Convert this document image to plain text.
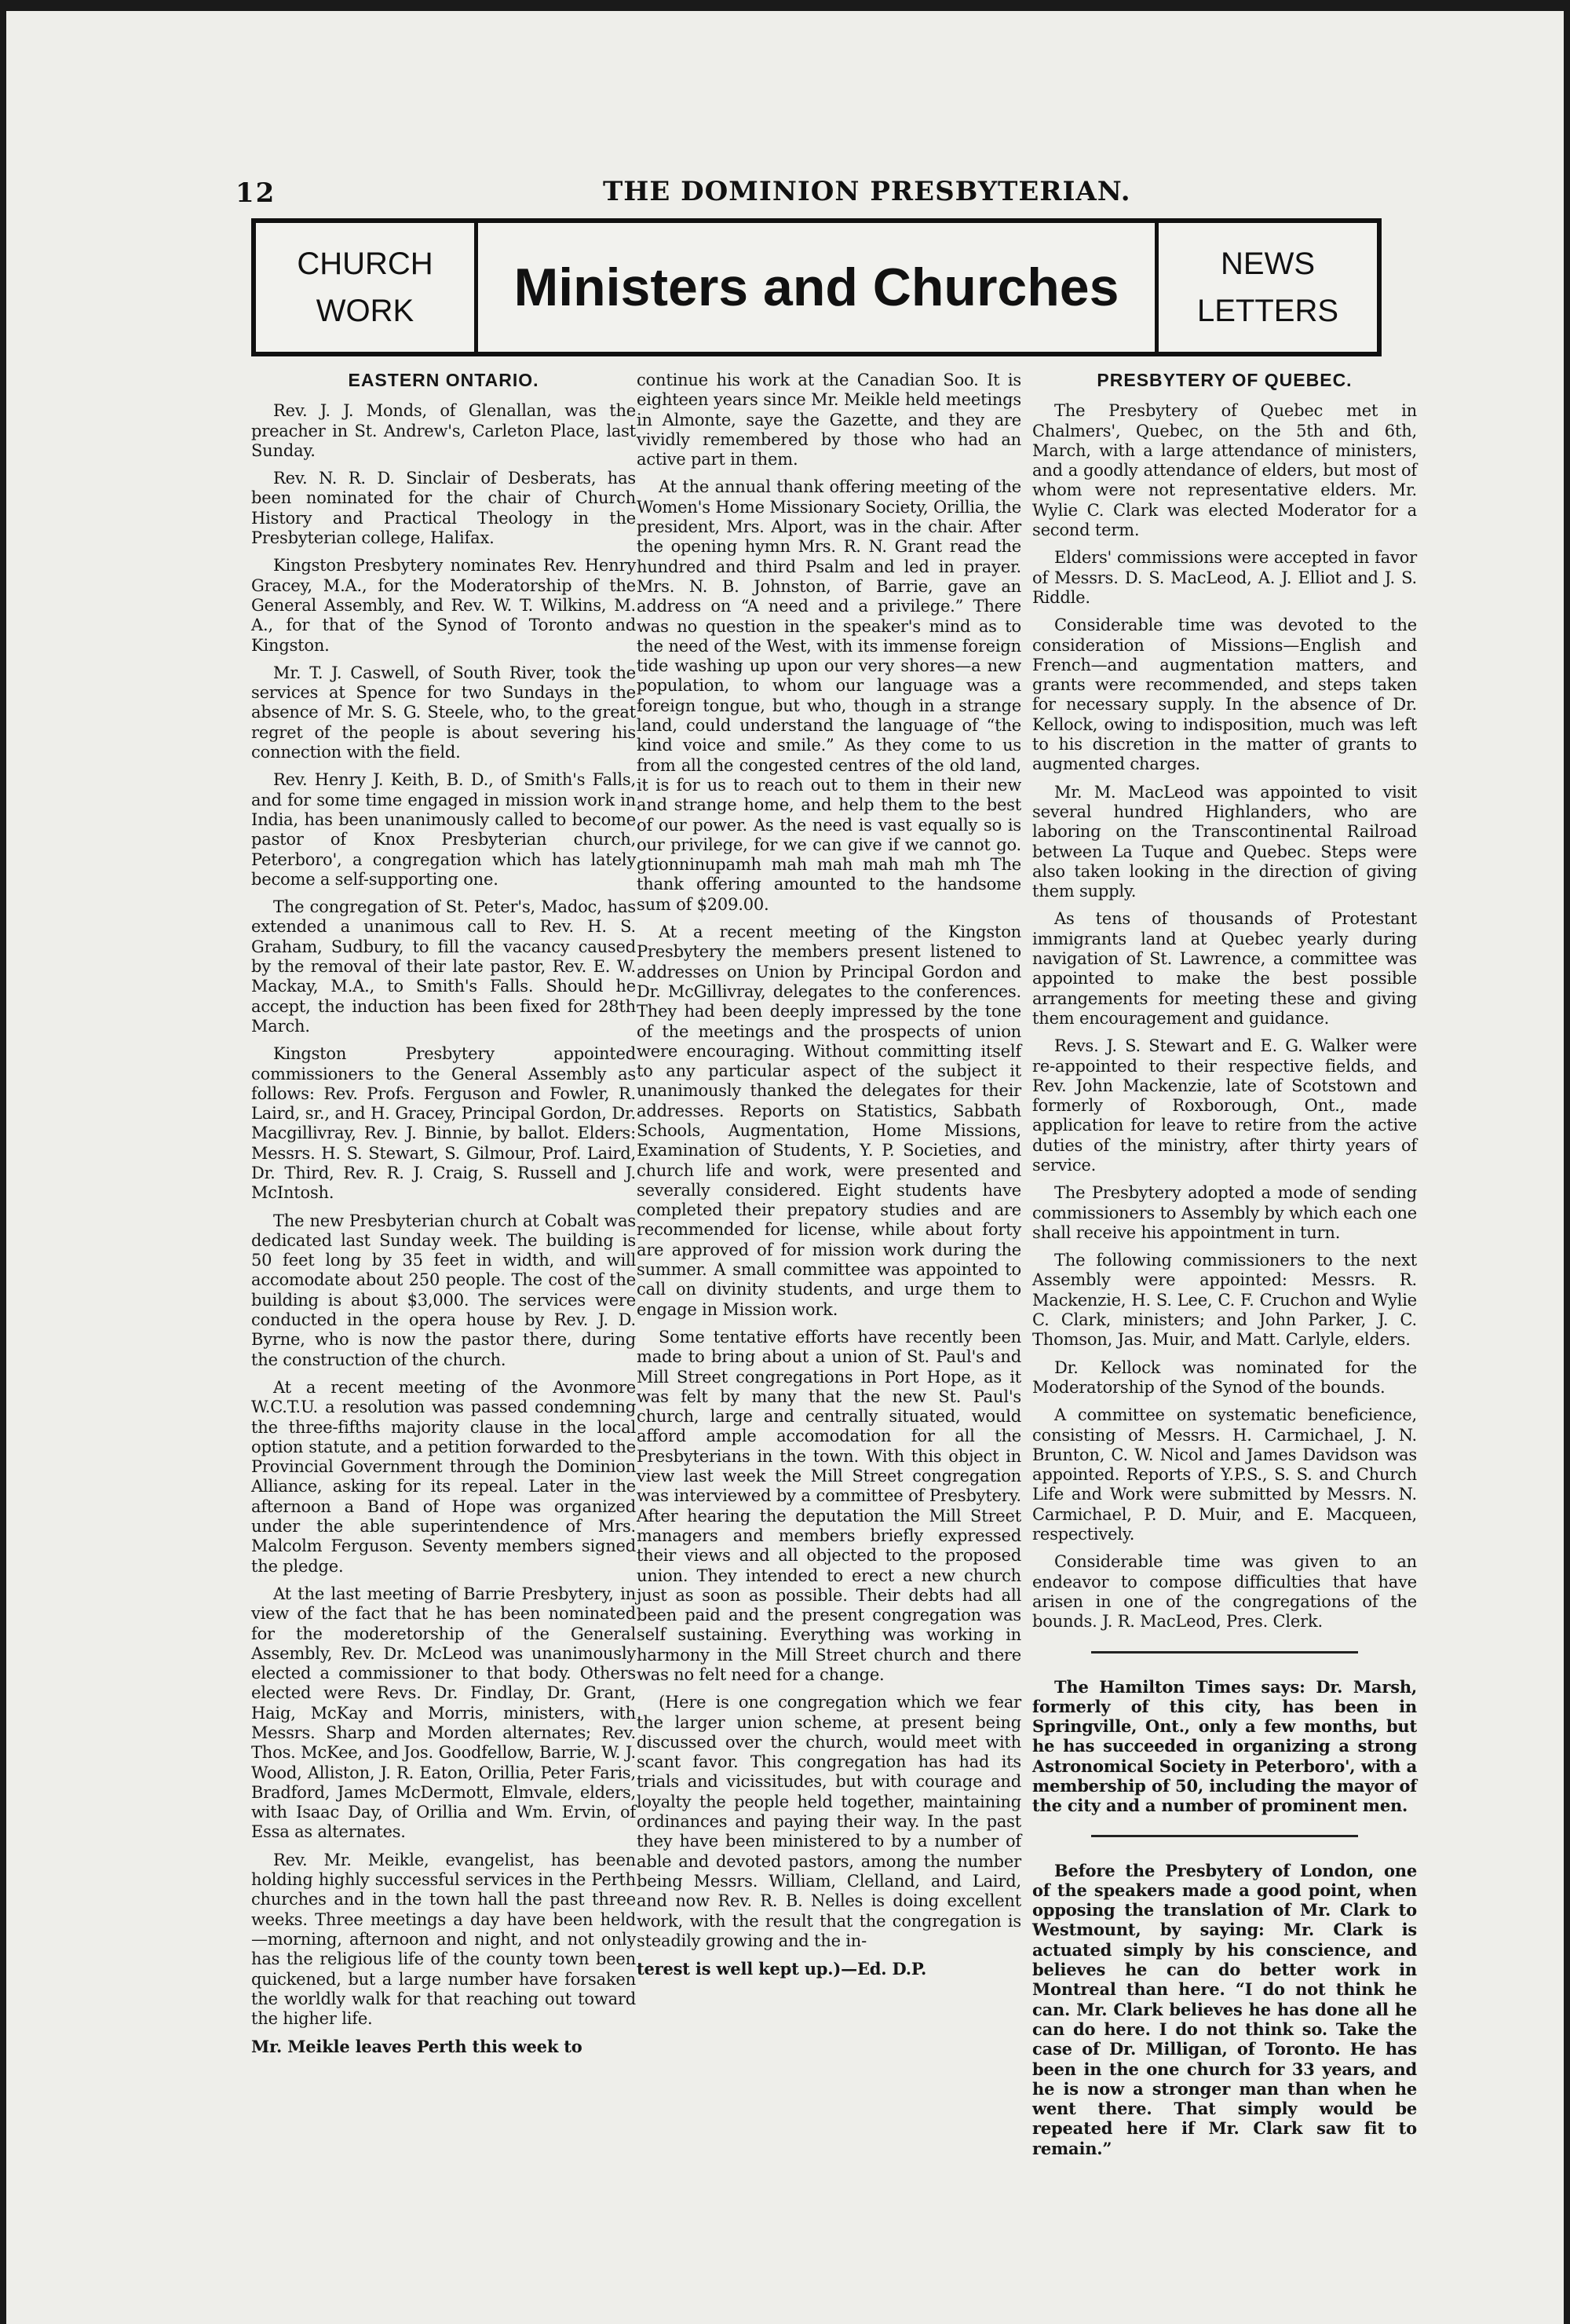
12	THE DOMINION PRESBYTERIAN.
CHURCH
WORK Ministers and Churches	NEWS
LETTERS
EASTERN ONTARIO.

Rev. J. J. Monds, of Glenallan, was the preacher in St. Andrew's, Carleton Place, last Sunday.

Rev. N. R. D. Sinclair of Desberats, has been nominated for the chair of Church History and Practical Theology in the Presbyterian college, Halifax.

Kingston Presbytery nominates Rev. Henry Gracey, M.A., for the Moderatorship of the General Assembly, and Rev. W. T. Wilkins, M. A., for that of the Synod of Toronto and Kingston.

Mr. T. J. Caswell, of South River, took the services at Spence for two Sundays in the absence of Mr. S. G. Steele, who, to the great regret of the people is about severing his connection with the field.

Rev. Henry J. Keith, B. D., of Smith's Falls, and for some time engaged in mission work in India, has been unanimously called to become pastor of Knox Presbyterian church, Peterboro', a congregation which has lately become a self-supporting one.

The congregation of St. Peter's, Madoc, has extended a unanimous call to Rev. H. S. Graham, Sudbury, to fill the vacancy caused by the removal of their late pastor, Rev. E. W. Mackay, M.A., to Smith's Falls. Should he accept, the induction has been fixed for 28th March.

Kingston Presbytery appointed commissioners to the General Assembly as follows: Rev. Profs. Ferguson and Fowler, R. Laird, sr., and H. Gracey, Principal Gordon, Dr. Macgillivray, Rev. J. Binnie, by ballot. Elders: Messrs. H. S. Stewart, S. Gilmour, Prof. Laird, Dr. Third, Rev. R. J. Craig, S. Russell and J. McIntosh.

The new Presbyterian church at Cobalt was dedicated last Sunday week. The building is 50 feet long by 35 feet in width, and will accomodate about 250 people. The cost of the building is about $3,000. The services were conducted in the opera house by Rev. J. D. Byrne, who is now the pastor there, during the construction of the church.

At a recent meeting of the Avonmore W.C.T.U. a resolution was passed condemning the three-fifths majority clause in the local option statute, and a petition forwarded to the Provincial Government through the Dominion Alliance, asking for its repeal. Later in the afternoon a Band of Hope was organized under the able superintendence of Mrs. Malcolm Ferguson. Seventy members signed the pledge.

At the last meeting of Barrie Presbytery, in view of the fact that he has been nominated for the moderetorship of the General Assembly, Rev. Dr. McLeod was unanimously elected a commissioner to that body. Others elected were Revs. Dr. Findlay, Dr. Grant, Haig, McKay and Morris, ministers, with Messrs. Sharp and Morden alternates; Rev. Thos. McKee, and Jos. Goodfellow, Barrie, W. J. Wood, Alliston, J. R. Eaton, Orillia, Peter Faris, Bradford, James McDermott, Elmvale, elders, with Isaac Day, of Orillia and Wm. Ervin, of Essa as alternates.

Rev. Mr. Meikle, evangelist, has been holding highly successful services in the Perth churches and in the town hall the past three weeks. Three meetings a day have been held—morning, afternoon and night, and not only has the religious life of the county town been quickened, but a large number have forsaken the worldly walk for that reaching out toward the higher life.

Mr. Meikle leaves Perth this week to

continue his work at the Canadian Soo. It is eighteen years since Mr. Meikle held meetings in Almonte, saye the Gazette, and they are vividly remembered by those who had an active part in them.

At the annual thank offering meeting of the Women's Home Missionary Society, Orillia, the president, Mrs. Alport, was in the chair. After the opening hymn Mrs. R. N. Grant read the hundred and third Psalm and led in prayer. Mrs. N. B. Johnston, of Barrie, gave an address on “A need and a privilege.” There was no question in the speaker's mind as to the need of the West, with its immense foreign tide washing up upon our very shores—a new population, to whom our language was a foreign tongue, but who, though in a strange land, could understand the language of “the kind voice and smile.” As they come to us from all the congested centres of the old land, it is for us to reach out to them in their new and strange home, and help them to the best of our power. As the need is vast equally so is our privilege, for we can give if we cannot go. gtionninupamh mah mah mah mah mh The thank offering amounted to the handsome sum of $209.00.

At a recent meeting of the Kingston Presbytery the members present listened to addresses on Union by Principal Gordon and Dr. McGillivray, delegates to the conferences. They had been deeply impressed by the tone of the meetings and the prospects of union were encouraging. Without committing itself to any particular aspect of the subject it unanimously thanked the delegates for their addresses. Reports on Statistics, Sabbath Schools, Augmentation, Home Missions, Examination of Students, Y. P. Societies, and church life and work, were presented and severally considered. Eight students have completed their prepatory studies and are recommended for license, while about forty are approved of for mission work during the summer. A small committee was appointed to call on divinity students, and urge them to engage in Mission work.

Some tentative efforts have recently been made to bring about a union of St. Paul's and Mill Street congregations in Port Hope, as it was felt by many that the new St. Paul's church, large and centrally situated, would afford ample accomodation for all the Presbyterians in the town. With this object in view last week the Mill Street congregation was interviewed by a committee of Presbytery. After hearing the deputation the Mill Street managers and members briefly expressed their views and all objected to the proposed union. They intended to erect a new church just as soon as possible. Their debts had all been paid and the present congregation was self sustaining. Everything was working in harmony in the Mill Street church and there was no felt need for a change.

(Here is one congregation which we fear the larger union scheme, at present being discussed over the church, would meet with scant favor. This congregation has had its trials and vicissitudes, but with courage and loyalty the people held together, maintaining ordinances and paying their way. In the past they have been ministered to by a number of able and devoted pastors, among the number being Messrs. William, Clelland, and Laird, and now Rev. R. B. Nelles is doing excellent work, with the result that the congregation is steadily growing and the in-

terest is well kept up.)—Ed. D.P.

PRESBYTERY OF QUEBEC.

The Presbytery of Quebec met in Chalmers', Quebec, on the 5th and 6th, March, with a large attendance of ministers, and a goodly attendance of elders, but most of whom were not representative elders. Mr. Wylie C. Clark was elected Moderator for a second term.

Elders' commissions were accepted in favor of Messrs. D. S. MacLeod, A. J. Elliot and J. S. Riddle.

Considerable time was devoted to the consideration of Missions—English and French—and augmentation matters, and grants were recommended, and steps taken for necessary supply. In the absence of Dr. Kellock, owing to indisposition, much was left to his discretion in the matter of grants to augmented charges.

Mr. M. MacLeod was appointed to visit several hundred Highlanders, who are laboring on the Transcontinental Railroad between La Tuque and Quebec. Steps were also taken looking in the direction of giving them supply.

As tens of thousands of Protestant immigrants land at Quebec yearly during navigation of St. Lawrence, a committee was appointed to make the best possible arrangements for meeting these and giving them encouragement and guidance.

Revs. J. S. Stewart and E. G. Walker were re-appointed to their respective fields, and Rev. John Mackenzie, late of Scotstown and formerly of Roxborough, Ont., made application for leave to retire from the active duties of the ministry, after thirty years of service.

The Presbytery adopted a mode of sending commissioners to Assembly by which each one shall receive his appointment in turn.

The following commissioners to the next Assembly were appointed: Messrs. R. Mackenzie, H. S. Lee, C. F. Cruchon and Wylie C. Clark, ministers; and John Parker, J. C. Thomson, Jas. Muir, and Matt. Carlyle, elders.

Dr. Kellock was nominated for the Moderatorship of the Synod of the bounds.

A committee on systematic beneficience, consisting of Messrs. H. Carmichael, J. N. Brunton, C. W. Nicol and James Davidson was appointed. Reports of Y.P.S., S. S. and Church Life and Work were submitted by Messrs. N. Carmichael, P. D. Muir, and E. Macqueen, respectively.

Considerable time was given to an endeavor to compose difficulties that have arisen in one of the congregations of the bounds. J. R. MacLeod, Pres. Clerk.

The Hamilton Times says: Dr. Marsh, formerly of this city, has been in Springville, Ont., only a few months, but he has succeeded in organizing a strong Astronomical Society in Peterboro', with a membership of 50, including the mayor of the city and a number of prominent men.

Before the Presbytery of London, one of the speakers made a good point, when opposing the translation of Mr. Clark to Westmount, by saying: Mr. Clark is actuated simply by his conscience, and believes he can do better work in Montreal than here. “I do not think he can. Mr. Clark believes he has done all he can do here. I do not think so. Take the case of Dr. Milligan, of Toronto. He has been in the one church for 33 years, and he is now a stronger man than when he went there. That simply would be repeated here if Mr. Clark saw fit to remain.”
